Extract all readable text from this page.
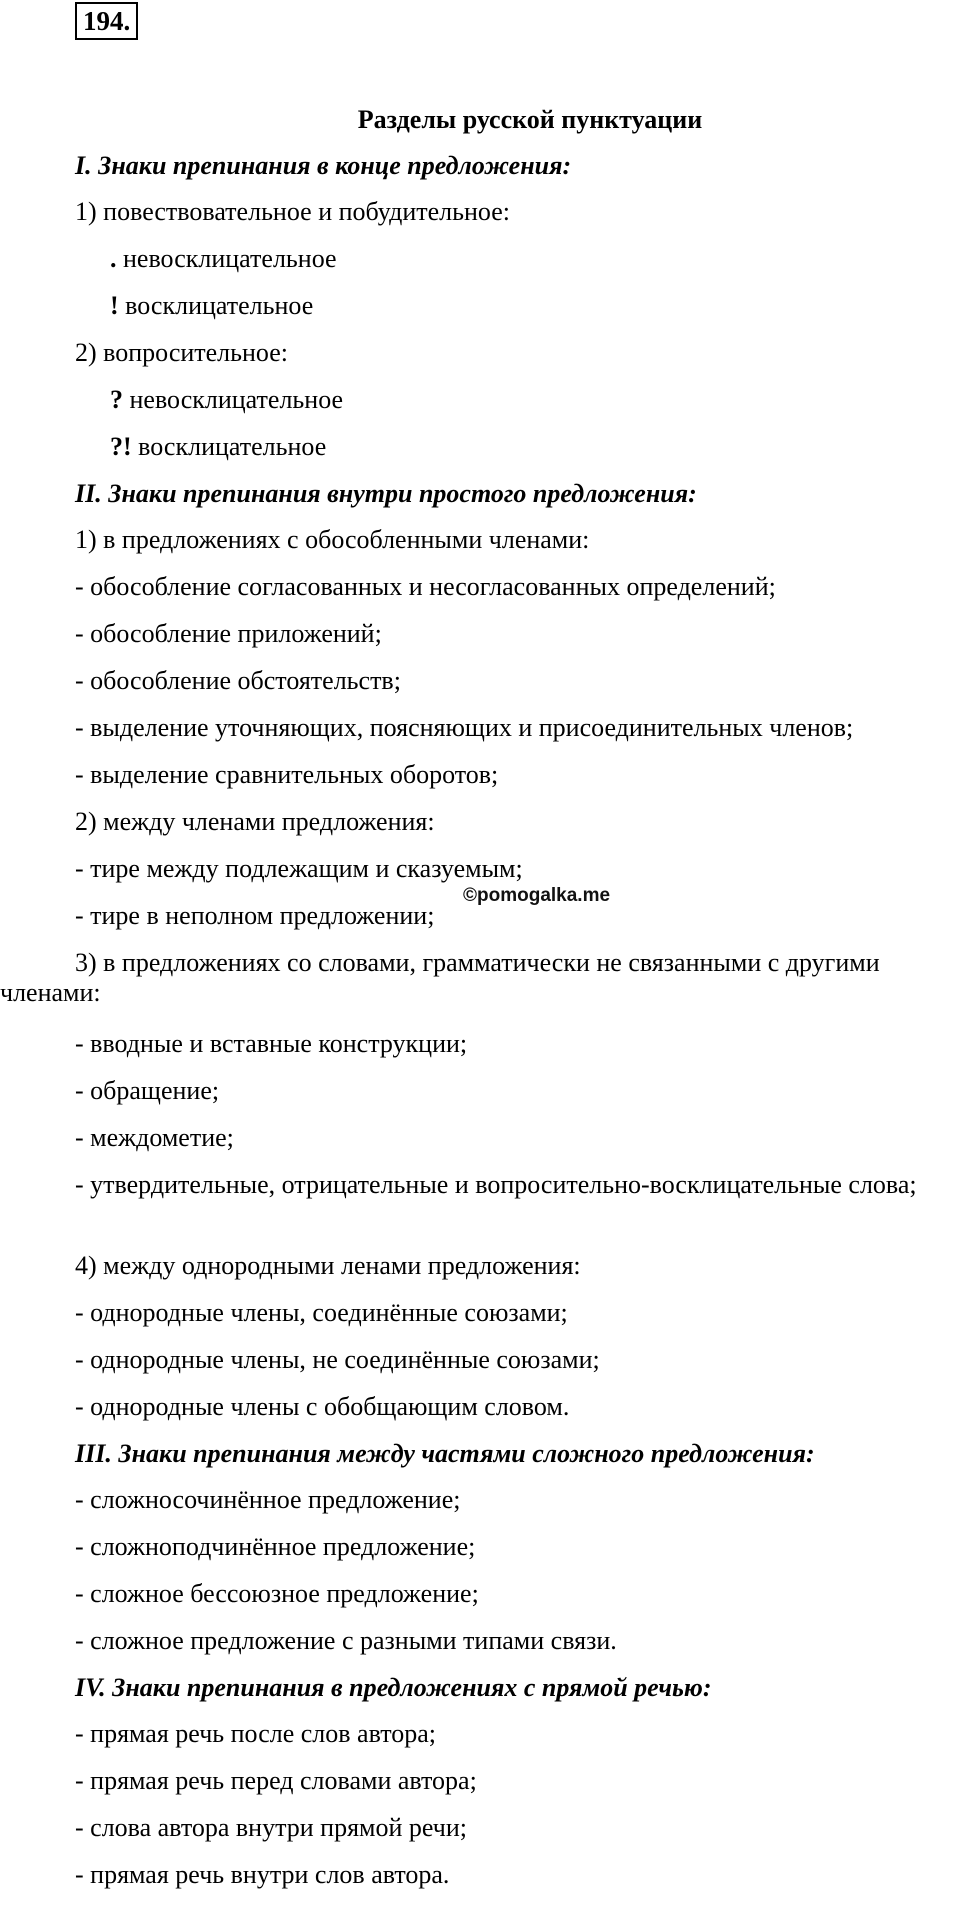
194.
Разделы русской пунктуации
I. Знаки препинания в конце предложения:
1) повествовательное и побудительное:
. невосклицательное
! восклицательное
2) вопросительное:
? невосклицательное
?! восклицательное
II. Знаки препинания внутри простого предложения:
1) в предложениях с обособленными членами:
- обособление согласованных и несогласованных определений;
- обособление приложений;
- обособление обстоятельств;
- выделение уточняющих, поясняющих и присоединительных членов;
- выделение сравнительных оборотов;
2) между членами предложения:
- тире между подлежащим и сказуемым;
- тире в неполном предложении;
3) в предложениях со словами, грамматически не связанными с другими членами:
- вводные и вставные конструкции;
- обращение;
- междометие;
- утвердительные, отрицательные и вопросительно-восклицательные слова;
4) между однородными ленами предложения:
- однородные члены, соединённые союзами;
- однородные члены, не соединённые союзами;
- однородные члены с обобщающим словом.
III. Знаки препинания между частями сложного предложения:
- сложносочинённое предложение;
- сложноподчинённое предложение;
- сложное бессоюзное предложение;
- сложное предложение с разными типами связи.
IV. Знаки препинания в предложениях с прямой речью:
- прямая речь после слов автора;
- прямая речь перед словами автора;
- слова автора внутри прямой речи;
- прямая речь внутри слов автора.
©pomogalka.me
